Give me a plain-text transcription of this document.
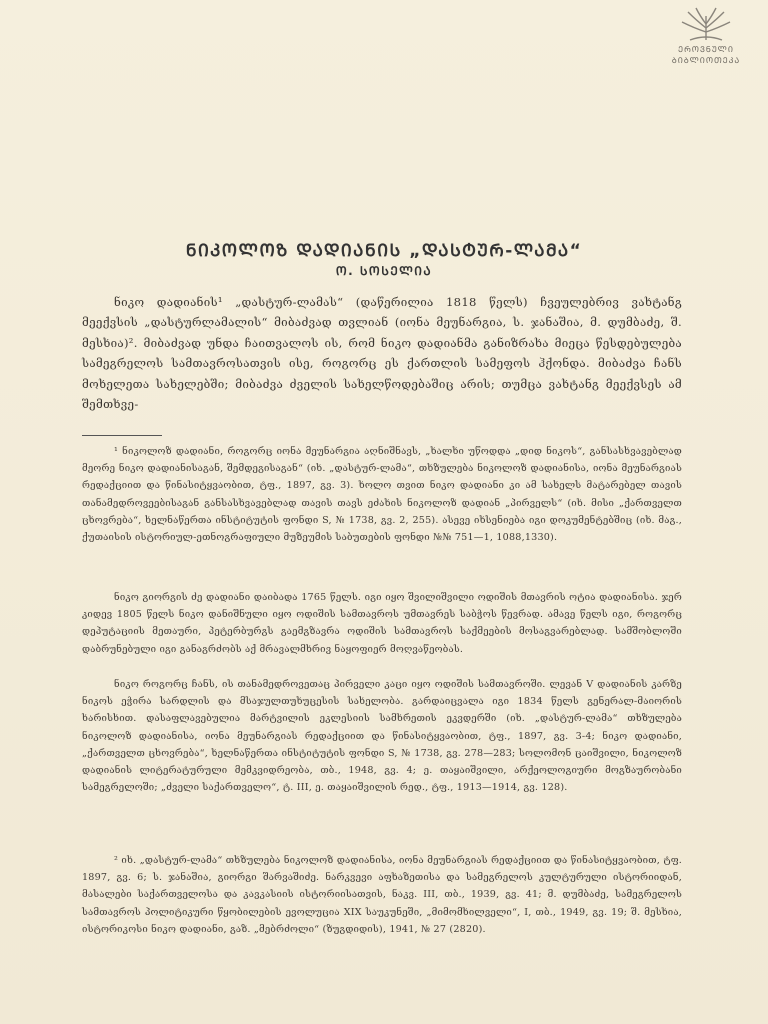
ᲔᲠᲝᲕᲜᲣᲚᲘ
ᲑᲘᲑᲚᲘᲝᲗᲔᲙᲐ
ᲜᲘᲙᲝᲚᲝᲖ ᲓᲐᲓᲘᲐᲜᲘᲡ „ᲓᲐᲡᲢᲣᲠ-ᲚᲐᲛᲐ“
Ო. ᲡᲝᲡᲔᲚᲘᲐ

ნიკო დადიანის¹ „დასტურ-ლამას“ (დაწერილია 1818 წელს) ჩვეულებრივ ვახტანგ მეექვსის „დასტურლამალის“ მიბაძვად თვლიან (იონა მეუნარგია, ს. ჯანაშია, მ. დუმბაძე, შ. მესხია)². მიბაძვად უნდა ჩაითვალოს ის, რომ ნიკო დადიანმა განიზრახა მიეცა წესდებულება სამეგრელოს სამთავროსათვის ისე, როგორც ეს ქართლის სამეფოს ჰქონდა. მიბაძვა ჩანს მოხელეთა სახელებში; მიბაძვა ძველის სახელწოდებაშიც არის; თუმცა ვახტანგ მეექვსეს ამ შემთხვე-

¹ ნიკოლოზ დადიანი, როგორც იონა მეუნარგია აღნიშნავს, „ხალხი უწოდდა „დიდ ნიკოს“, განსასხვავებლად მეორე ნიკო დადიანისაგან, შემდეგისაგან“ (იხ. „დასტურ-ლამა“, თხზულება ნიკოლოზ დადიანისა, იონა მეუნარგიას რედაქციით და წინასიტყვაობით, ტფ., 1897, გვ. 3). ხოლო თვით ნიკო დადიანი კი ამ სახელს მატარებელ თავის თანამედროვეებისაგან განსასხვავებლად თავის თავს ეძახის ნიკოლოზ დადიან „პირველს“ (იხ. მისი „ქართველთ ცხოვრება“, ხელნაწერთა ინსტიტუტის ფონდი S, № 1738, გვ. 2, 255). ასევე იხსენიება იგი დოკუმენტებშიც (იხ. მაგ., ქუთაისის ისტორიულ-ეთნოგრაფიული მუზეუმის საბუთების ფონდი №№ 751—1, 1088,1330).

ნიკო გიორგის ძე დადიანი დაიბადა 1765 წელს. იგი იყო შვილიშვილი ოდიშის მთავრის ოტია დადიანისა. ჯერ კიდევ 1805 წელს ნიკო დანიშნული იყო ოდიშის სამთავროს უმთავრეს საბჭოს წევრად. ამავე წელს იგი, როგორც დეპუტაციის მეთაური, პეტერბურგს გაემგზავრა ოდიშის სამთავროს საქმეების მოსაგვარებლად. სამშობლოში დაბრუნებული იგი განაგრძობს აქ მრავალმხრივ ნაყოფიერ მოღვაწეობას.

ნიკო როგორც ჩანს, ის თანამედროვეთაც პირველი კაცი იყო ოდიშის სამთავროში. ლევან V დადიანის კარზე ნიკოს ეჭირა სარდლის და მსაჯულთუხუცესის სახელობა. გარდაიცვალა იგი 1834 წელს გენერალ-მაიორის ხარისხით. დასაფლავებულია მარტვილის ეკლესიის სამხრეთის ეკვდერში (იხ. „დასტურ-ლამა“ თხზულება ნიკოლოზ დადიანისა, იონა მეუნარგიას რედაქციით და წინასიტყვაობით, ტფ., 1897, გვ. 3-4; ნიკო დადიანი, „ქართველთ ცხოვრება“, ხელნაწერთა ინსტიტუტის ფონდი S, № 1738, გვ. 278—283; სოლომონ ცაიშვილი, ნიკოლოზ დადიანის ლიტერატურული მემკვიდრეობა, თბ., 1948, გვ. 4; ე. თაყაიშვილი, არქეოლოგიური მოგზაურობანი სამეგრელოში; „ძველი საქართველო“, ტ. III, ე. თაყაიშვილის რედ., ტფ., 1913—1914, გვ. 128).

² იხ. „დასტურ-ლამა“ თხზულება ნიკოლოზ დადიანისა, იონა მეუნარგიას რედაქციით და წინასიტყვაობით, ტფ. 1897, გვ. 6; ს. ჯანაშია, გიორგი შარვაშიძე. ნარკვევი აფხაზეთისა და სამეგრელოს კულტურული ისტორიიდან, მასალები საქართველოსა და კავკასიის ისტორიისათვის, ნაკვ. III, თბ., 1939, გვ. 41; მ. დუმბაძე, სამეგრელოს სამთავროს პოლიტიკური წყობილების ევოლუცია XIX საუკუნეში, „მიმომხილველი“, I, თბ., 1949, გვ. 19; შ. მესხია, ისტორიკოსი ნიკო დადიანი, გაზ. „მებრძოლი“ (ზუგდიდის), 1941, № 27 (2820).
